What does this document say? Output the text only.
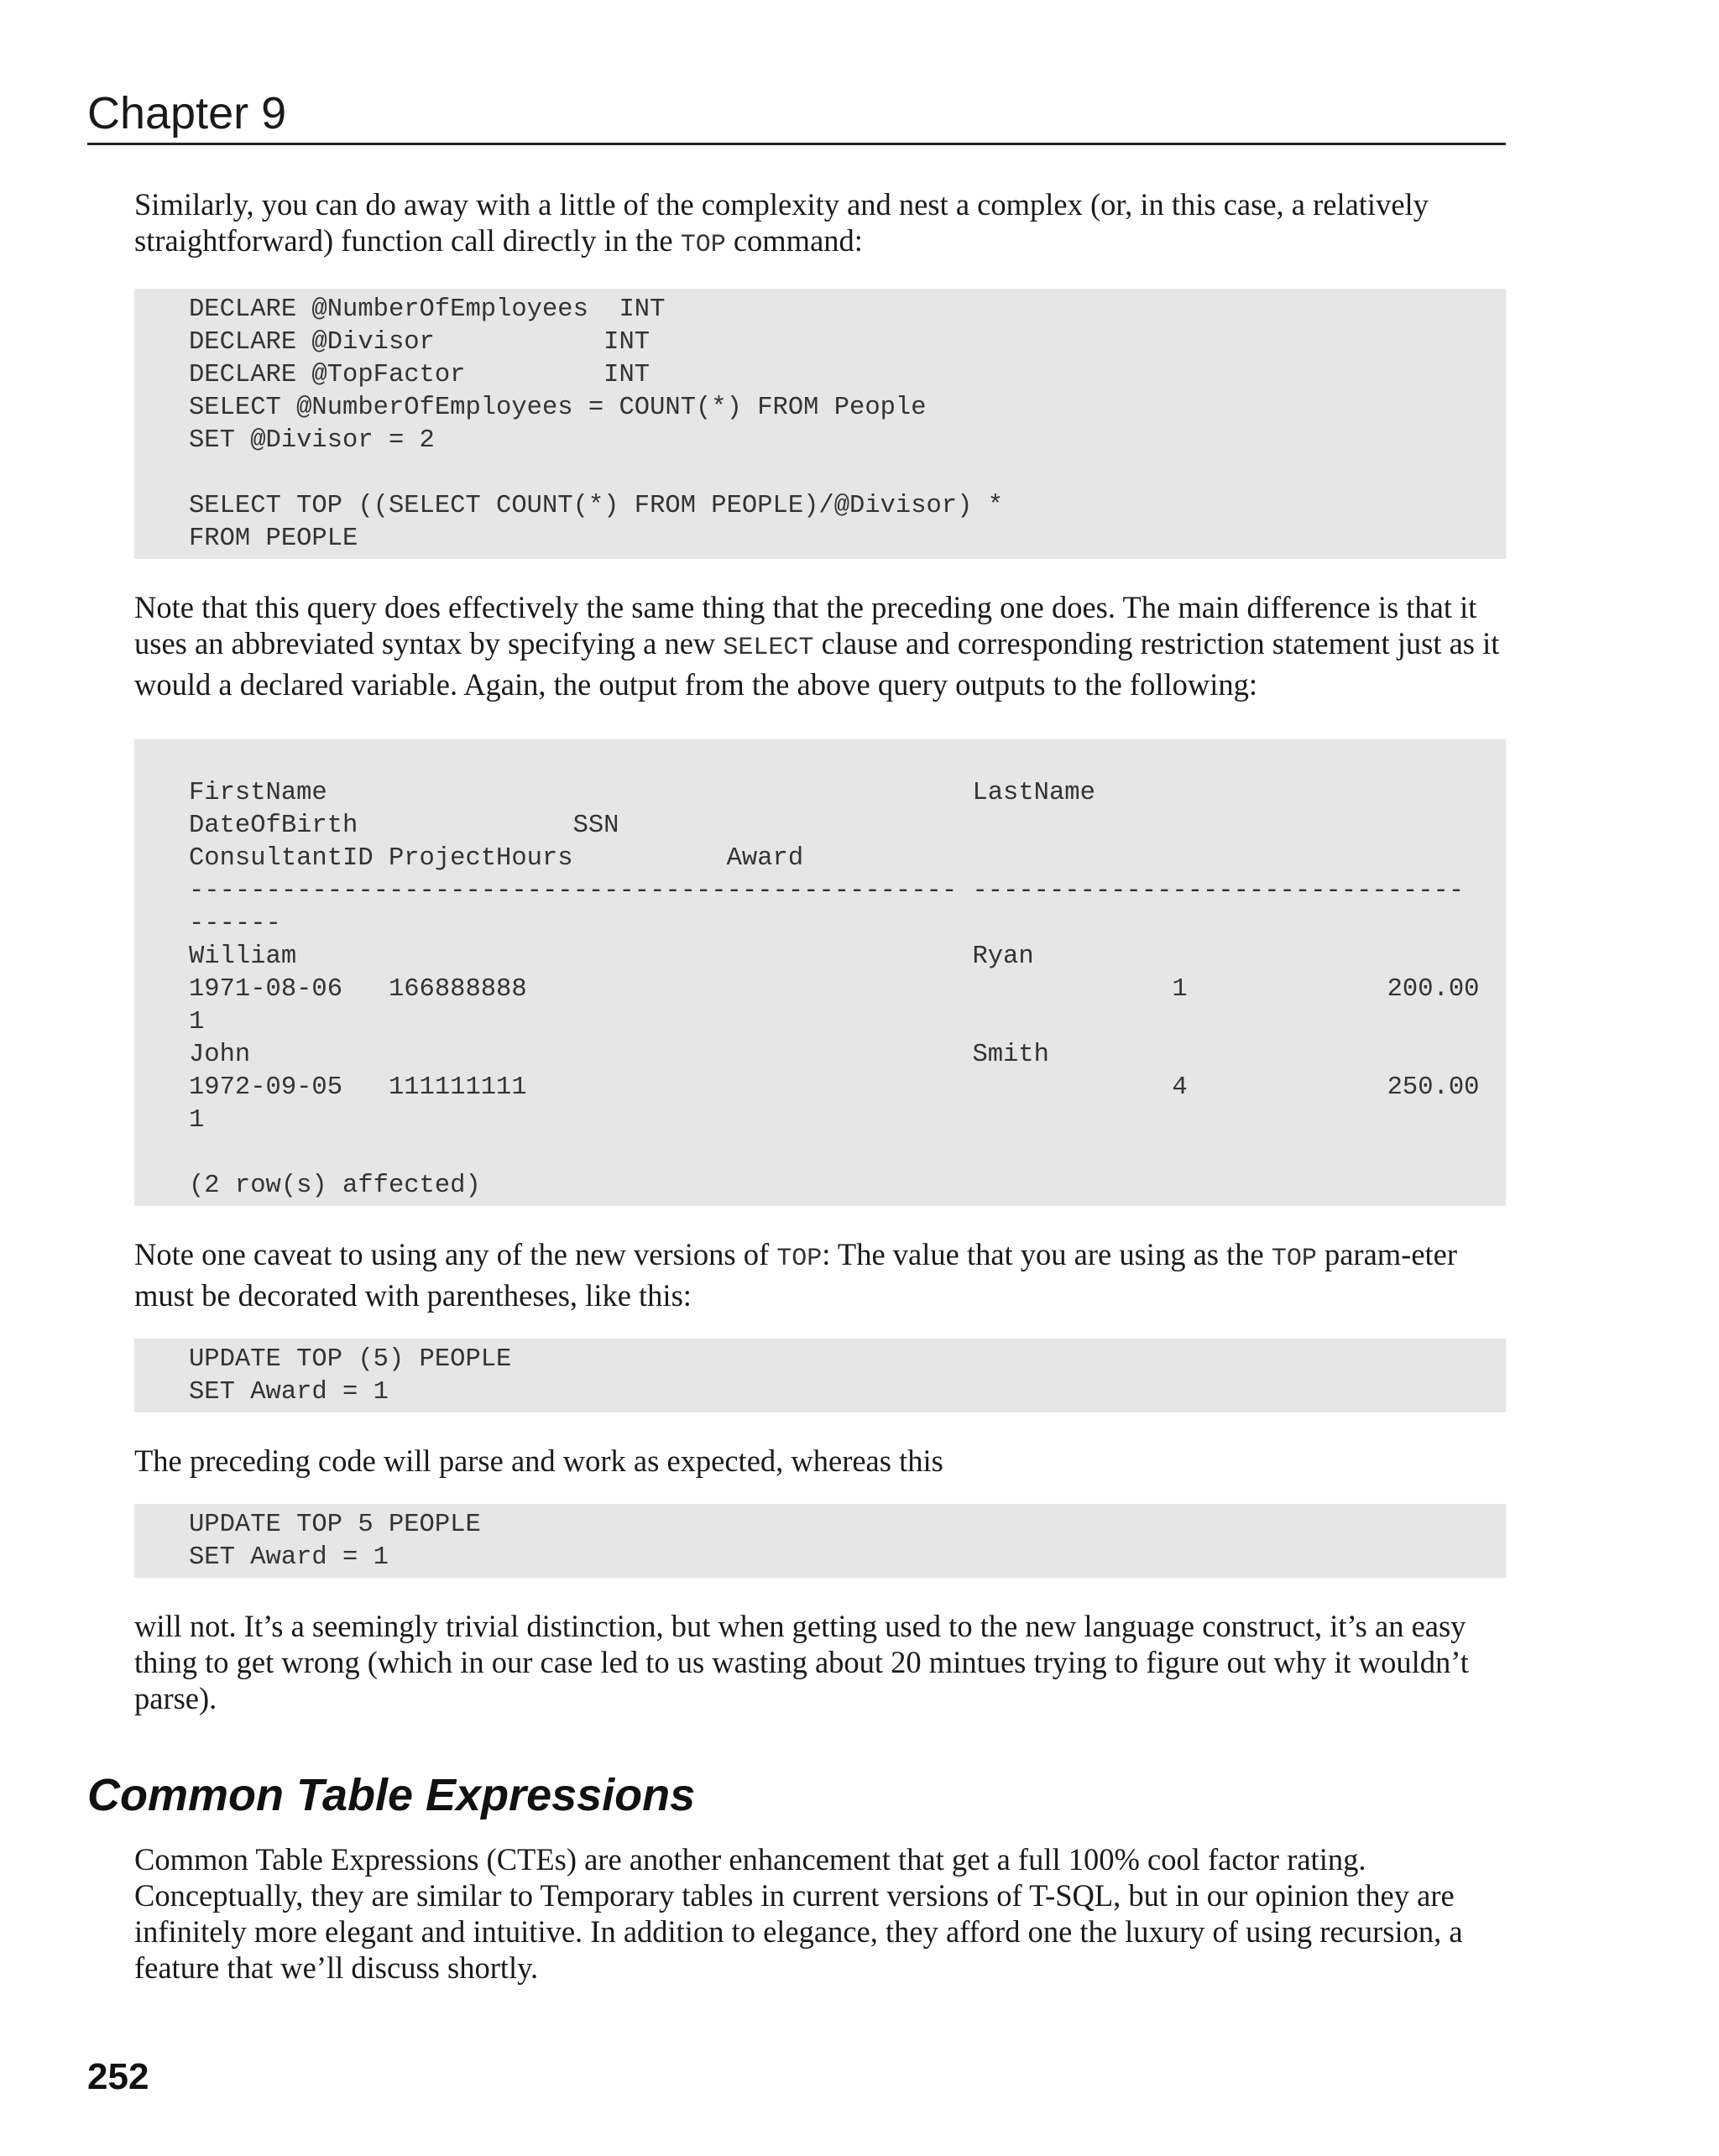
Chapter 9

Similarly, you can do away with a little of the complexity and nest a complex (or, in this case, a relatively straightforward) function call directly in the TOP command:

DECLARE @NumberOfEmployees  INT
DECLARE @Divisor           INT
DECLARE @TopFactor         INT
SELECT @NumberOfEmployees = COUNT(*) FROM People
SET @Divisor = 2

SELECT TOP ((SELECT COUNT(*) FROM PEOPLE)/@Divisor) *
FROM PEOPLE

Note that this query does effectively the same thing that the preceding one does. The main difference is that it uses an abbreviated syntax by specifying a new SELECT clause and corresponding restriction statement just as it would a declared variable. Again, the output from the above query outputs to the following:

FirstName                                          LastName
DateOfBirth              SSN
ConsultantID ProjectHours          Award
-------------------------------------------------- --------------------------------
------
William                                            Ryan
1971-08-06   166888888                                          1             200.00
1
John                                               Smith
1972-09-05   111111111                                          4             250.00
1

(2 row(s) affected)

Note one caveat to using any of the new versions of TOP: The value that you are using as the TOP param-eter must be decorated with parentheses, like this:

UPDATE TOP (5) PEOPLE
SET Award = 1

The preceding code will parse and work as expected, whereas this

UPDATE TOP 5 PEOPLE
SET Award = 1

will not. It’s a seemingly trivial distinction, but when getting used to the new language construct, it’s an easy thing to get wrong (which in our case led to us wasting about 20 mintues trying to figure out why it wouldn’t parse).

Common Table Expressions

Common Table Expressions (CTEs) are another enhancement that get a full 100% cool factor rating. Conceptually, they are similar to Temporary tables in current versions of T-SQL, but in our opinion they are infinitely more elegant and intuitive. In addition to elegance, they afford one the luxury of using recursion, a feature that we’ll discuss shortly.

252
